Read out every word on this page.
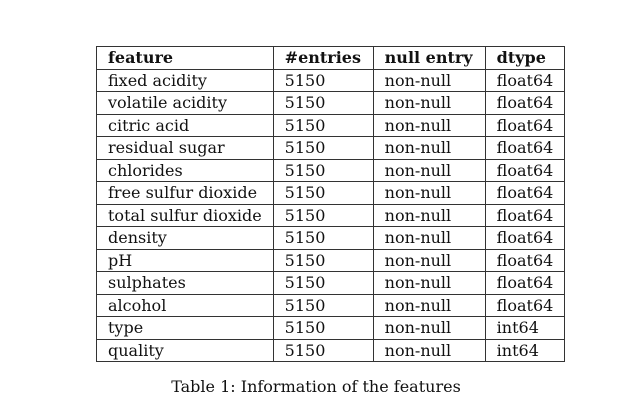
feature	#entries	null entry	dtype
fixed acidity	5150	non-null	float64
volatile acidity	5150	non-null	float64
citric acid	5150	non-null	float64
residual sugar	5150	non-null	float64
chlorides	5150	non-null	float64
free sulfur dioxide	5150	non-null	float64
total sulfur dioxide	5150	non-null	float64
density	5150	non-null	float64
pH	5150	non-null	float64
sulphates	5150	non-null	float64
alcohol	5150	non-null	float64
type	5150	non-null	int64
quality	5150	non-null	int64
Table 1: Information of the features
